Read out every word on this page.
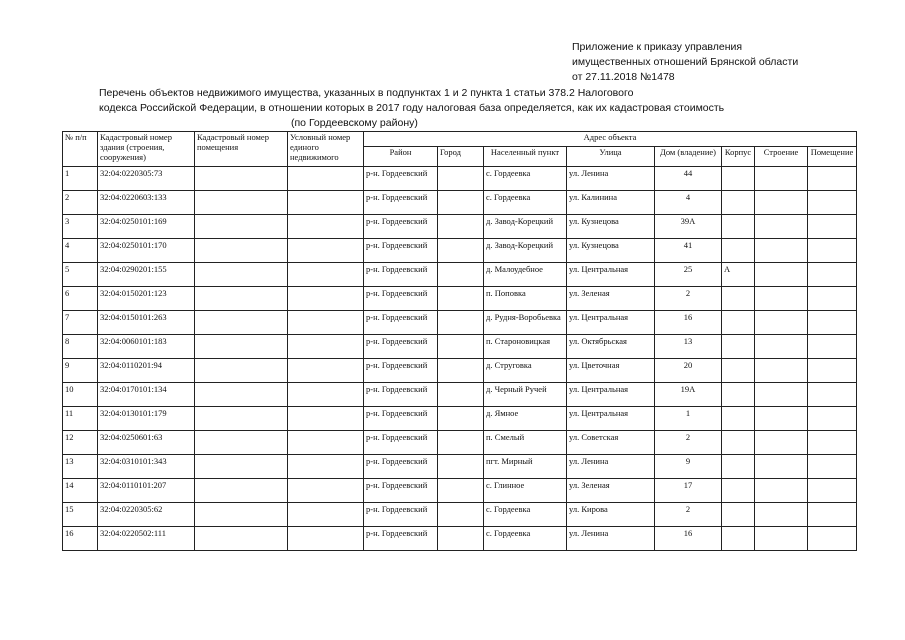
Приложение к приказу управления
имущественных отношений Брянской области
от 27.11.2018 №1478
Перечень объектов недвижимого имущества, указанных в подпунктах 1 и 2 пункта 1 статьи 378.2 Налогового
кодекса Российской Федерации, в отношении которых в 2017 году налоговая база определяется, как их кадастровая стоимость
(по Гордеевскому району)
№ п/п	Кадастровый номер здания (строения, сооружения)	Кадастровый номер помещения	Условный номер единого недвижимого	Адрес объекта							
				Район	Город	Населенный пункт	Улица	Дом (владение)	Корпус	Строение	Помещение
1	32:04:0220305:73			р-н. Гордеевский		с. Гордеевка	ул. Ленина	44			
2	32:04:0220603:133			р-н. Гордеевский		с. Гордеевка	ул. Калинина	4			
3	32:04:0250101:169			р-н. Гордеевский		д. Завод-Корецкий	ул. Кузнецова	39А			
4	32:04:0250101:170			р-н. Гордеевский		д. Завод-Корецкий	ул. Кузнецова	41			
5	32:04:0290201:155			р-н. Гордеевский		д. Малоудебное	ул. Центральная	25	А		
6	32:04:0150201:123			р-н. Гордеевский		п. Поповка	ул. Зеленая	2			
7	32:04:0150101:263			р-н. Гордеевский		д. Рудня-Воробьевка	ул. Центральная	16			
8	32:04:0060101:183			р-н. Гордеевский		п. Староновицкая	ул. Октябрьская	13			
9	32:04:0110201:94			р-н. Гордеевский		д. Струговка	ул. Цветочная	20			
10	32:04:0170101:134			р-н. Гордеевский		д. Черный Ручей	ул. Центральная	19А			
11	32:04:0130101:179			р-н. Гордеевский		д. Ямное	ул. Центральная	1			
12	32:04:0250601:63			р-н. Гордеевский		п. Смелый	ул. Советская	2			
13	32:04:0310101:343			р-н. Гордеевский		пгт. Мирный	ул. Ленина	9			
14	32:04:0110101:207			р-н. Гордеевский		с. Глинное	ул. Зеленая	17			
15	32:04:0220305:62			р-н. Гордеевский		с. Гордеевка	ул. Кирова	2			
16	32:04:0220502:111			р-н. Гордеевский		с. Гордеевка	ул. Ленина	16			
